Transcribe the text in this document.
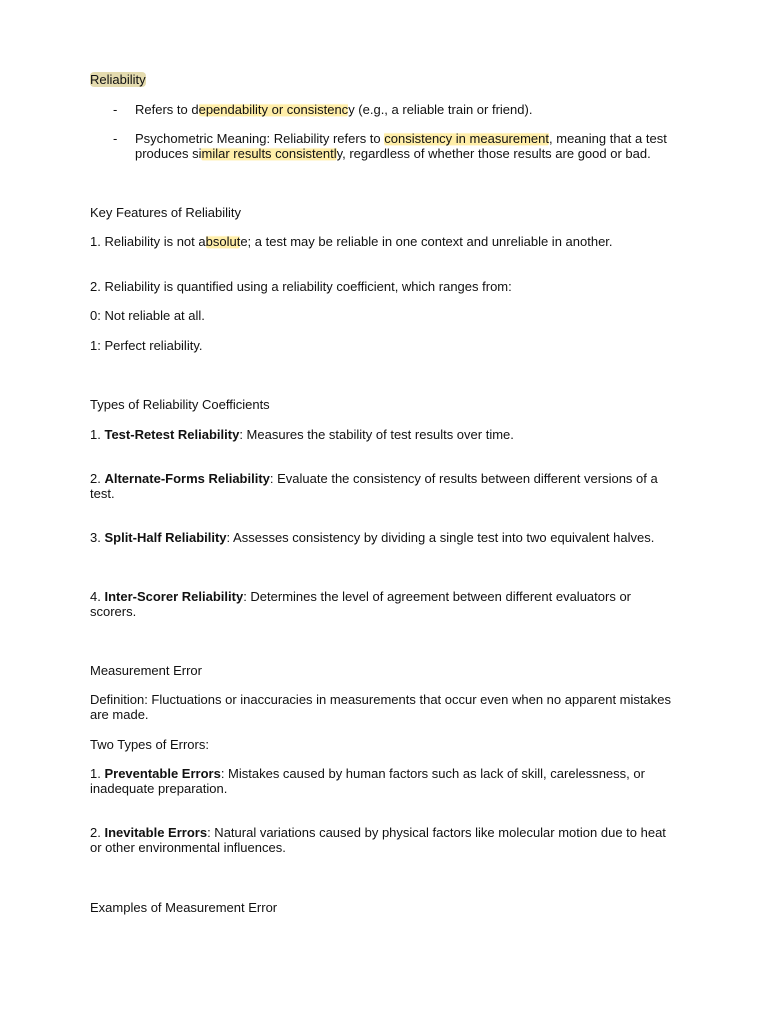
Reliability

- Refers to dependability or consistency (e.g., a reliable train or friend).

- Psychometric Meaning: Reliability refers to consistency in measurement, meaning that a test produces similar results consistently, regardless of whether those results are good or bad.

Key Features of Reliability

1. Reliability is not absolute; a test may be reliable in one context and unreliable in another.

2. Reliability is quantified using a reliability coefficient, which ranges from:

0: Not reliable at all.

1: Perfect reliability.

Types of Reliability Coefficients

1. Test-Retest Reliability: Measures the stability of test results over time.

2. Alternate-Forms Reliability: Evaluate the consistency of results between different versions of a test.

3. Split-Half Reliability: Assesses consistency by dividing a single test into two equivalent halves.

4. Inter-Scorer Reliability: Determines the level of agreement between different evaluators or scorers.

Measurement Error

Definition: Fluctuations or inaccuracies in measurements that occur even when no apparent mistakes are made.

Two Types of Errors:

1. Preventable Errors: Mistakes caused by human factors such as lack of skill, carelessness, or inadequate preparation.

2. Inevitable Errors: Natural variations caused by physical factors like molecular motion due to heat or other environmental influences.

Examples of Measurement Error
